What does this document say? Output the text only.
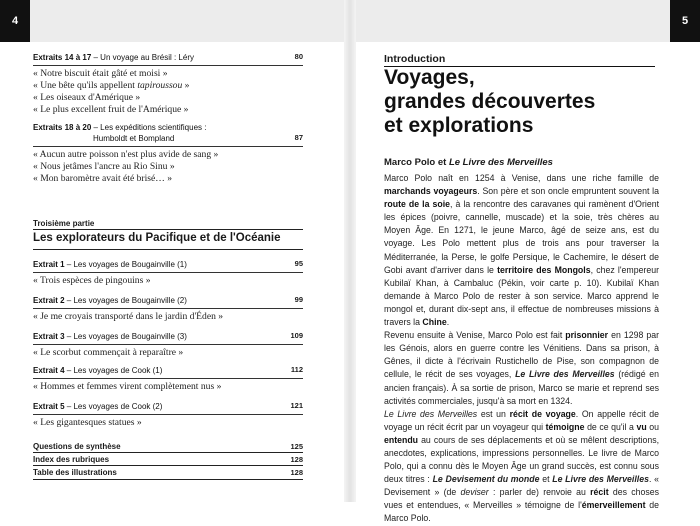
4	5
Extraits 14 à 17 – Un voyage au Brésil : Léry	80
« Notre biscuit était gâté et moisi »
« Une bête qu'ils appellent tapiroussou »
« Les oiseaux d'Amérique »
« Le plus excellent fruit de l'Amérique »
Extraits 18 à 20 – Les expéditions scientifiques :
Humboldt et Bompland	87
« Aucun autre poisson n'est plus avide de sang »
« Nous jetâmes l'ancre au Rio Sinu »
« Mon baromètre avait été brisé… »
Troisième partie
Les explorateurs du Pacifique et de l'Océanie
Extrait 1 – Les voyages de Bougainville (1)	95
« Trois espèces de pingouins »
Extrait 2 – Les voyages de Bougainville (2)	99
« Je me croyais transporté dans le jardin d'Éden »
Extrait 3 – Les voyages de Bougainville (3)	109
« Le scorbut commençait à reparaître »
Extrait 4 – Les voyages de Cook (1)	112
« Hommes et femmes virent complètement nus »
Extrait 5 – Les voyages de Cook (2)	121
« Les gigantesques statues »
Questions de synthèse	125
Index des rubriques	128
Table des illustrations	128
Introduction
Voyages,
grandes découvertes
et explorations
Marco Polo et Le Livre des Merveilles
Marco Polo naît en 1254 à Venise, dans une riche famille de marchands voyageurs. Son père et son oncle empruntent souvent la route de la soie, à la rencontre des caravanes qui ramènent d'Orient les épices (poivre, cannelle, muscade) et la soie, très chères au Moyen Âge. En 1271, le jeune Marco, âgé de seize ans, est du voyage. Les Polo mettent plus de trois ans pour traverser la Méditerranée, la Perse, le golfe Persique, le Cachemire, le désert de Gobi avant d'arriver dans le territoire des Mongols, chez l'empereur Kubilaï Khan, à Cambaluc (Pékin, voir carte p. 10). Kubilaï Khan demande à Marco Polo de rester à son service. Marco apprend le mongol et, durant dix-sept ans, il effectue de nombreuses missions à travers la Chine.
Revenu ensuite à Venise, Marco Polo est fait prisonnier en 1298 par les Génois, alors en guerre contre les Vénitiens. Dans sa prison, à Gênes, il dicte à l'écrivain Rustichello de Pise, son compagnon de cellule, le récit de ses voyages, Le Livre des Merveilles (rédigé en ancien français). À sa sortie de prison, Marco se marie et reprend ses activités commerciales, jusqu'à sa mort en 1324.
Le Livre des Merveilles est un récit de voyage. On appelle récit de voyage un récit écrit par un voyageur qui témoigne de ce qu'il a vu ou entendu au cours de ses déplacements et où se mêlent descriptions, anecdotes, explications, impressions personnelles. Le livre de Marco Polo, qui a connu dès le Moyen Âge un grand succès, est connu sous deux titres : Le Devisement du monde et Le Livre des Merveilles. « Devisement » (de deviser : parler de) renvoie au récit des choses vues et entendues, « Merveilles » témoigne de l'émerveillement de Marco Polo.
